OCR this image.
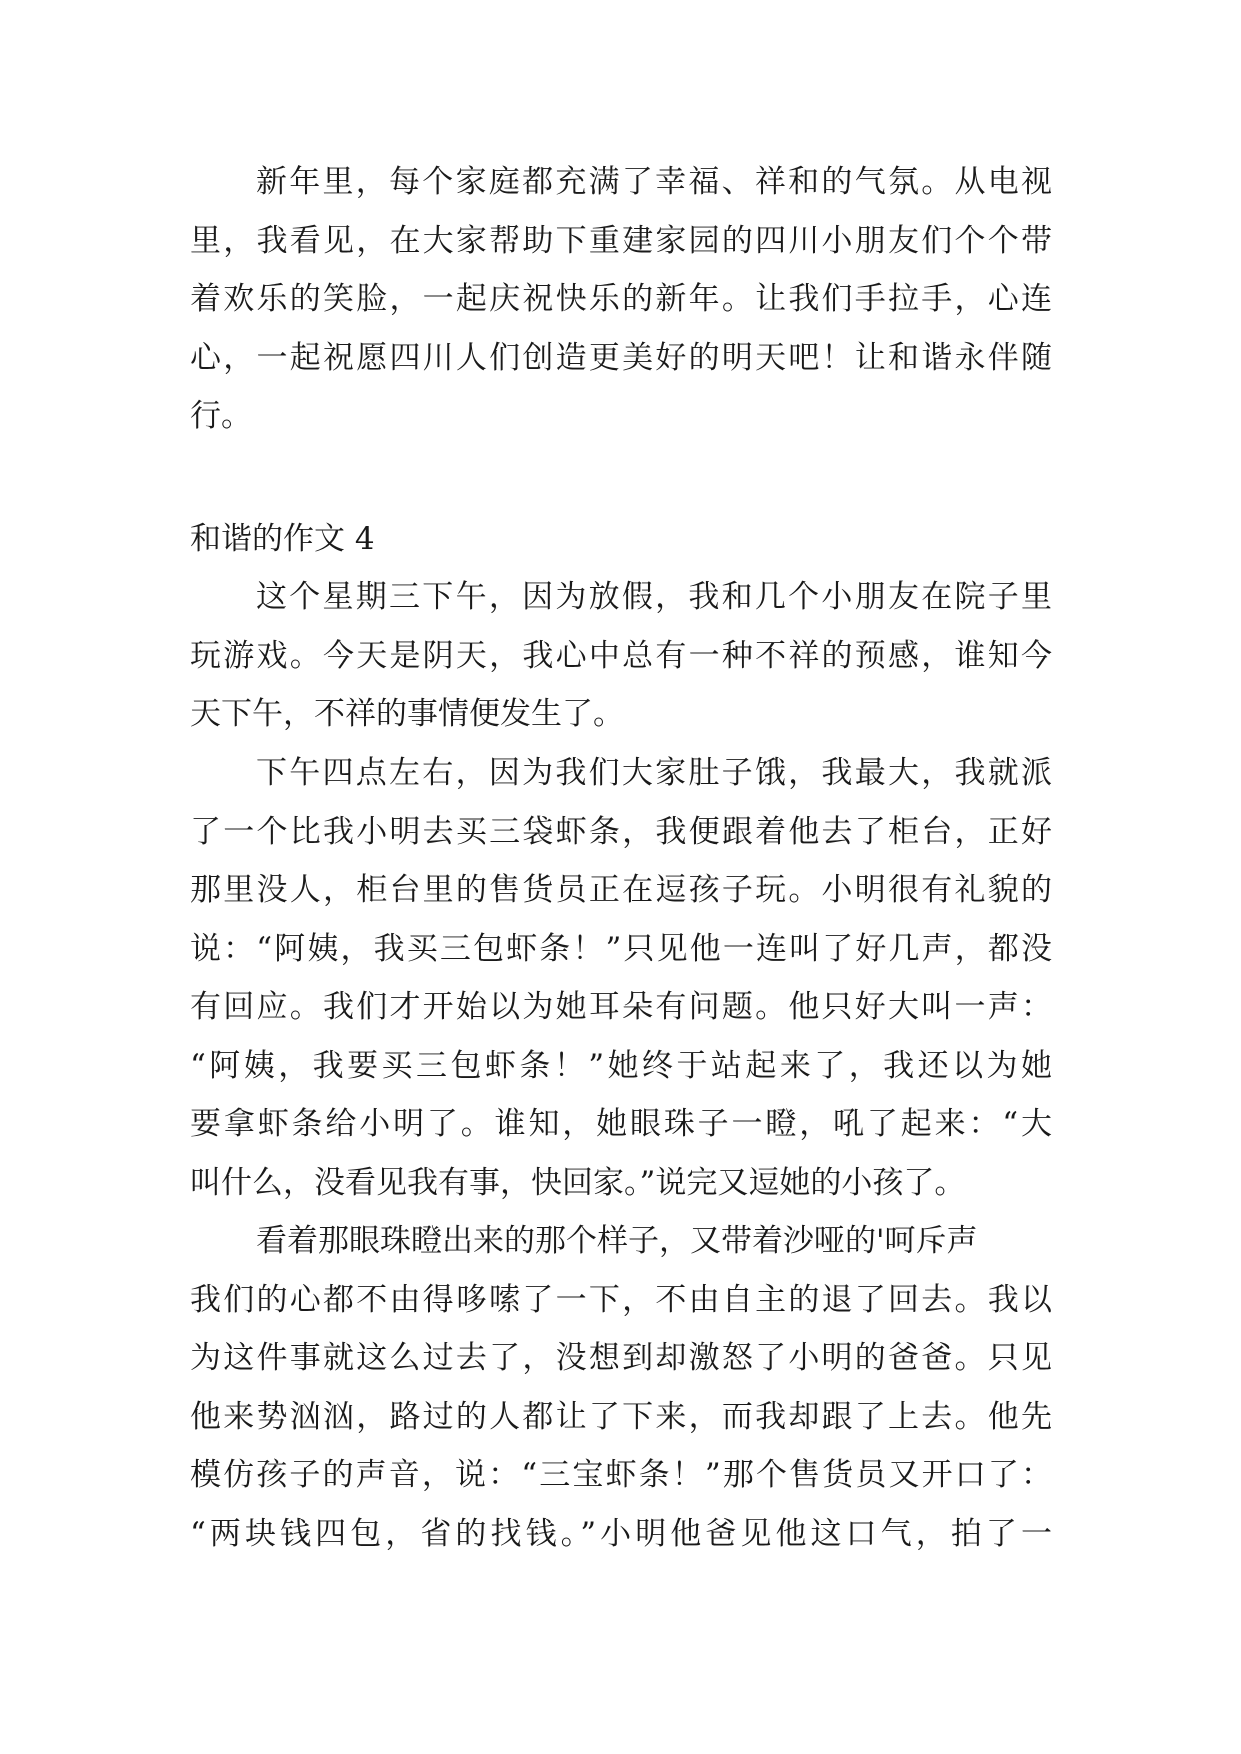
新年里，每个家庭都充满了幸福、祥和的气氛。从电视
里，我看见，在大家帮助下重建家园的四川小朋友们个个带
着欢乐的笑脸，一起庆祝快乐的新年。让我们手拉手，心连
心，一起祝愿四川人们创造更美好的明天吧！让和谐永伴随
行。
和谐的作文 4
这个星期三下午，因为放假，我和几个小朋友在院子里
玩游戏。今天是阴天，我心中总有一种不祥的预感，谁知今
天下午，不祥的事情便发生了。
下午四点左右，因为我们大家肚子饿，我最大，我就派
了一个比我小明去买三袋虾条，我便跟着他去了柜台，正好
那里没人，柜台里的售货员正在逗孩子玩。小明很有礼貌的
说：“阿姨，我买三包虾条！”只见他一连叫了好几声，都没
有回应。我们才开始以为她耳朵有问题。他只好大叫一声：
“阿姨，我要买三包虾条！”她终于站起来了，我还以为她
要拿虾条给小明了。谁知，她眼珠子一瞪，吼了起来：“大
叫什么，没看见我有事，快回家。”说完又逗她的小孩了。
看着那眼珠瞪出来的那个样子，又带着沙哑的'呵斥声
我们的心都不由得哆嗦了一下，不由自主的退了回去。我以
为这件事就这么过去了，没想到却激怒了小明的爸爸。只见
他来势汹汹，路过的人都让了下来，而我却跟了上去。他先
模仿孩子的声音，说：“三宝虾条！”那个售货员又开口了：
“两块钱四包，省的找钱。”小明他爸见他这口气，拍了一
